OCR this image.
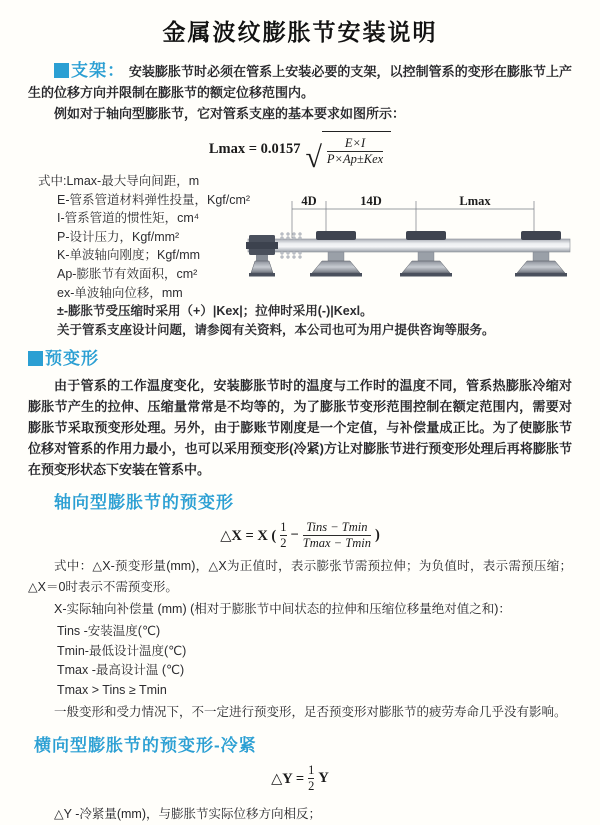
金属波纹膨胀节安装说明

支架： 安装膨胀节时必须在管系上安装必要的支架，以控制管系的变形在膨胀节上产生的位移方向并限制在膨胀节的额定位移范围内。

例如对于轴向型膨胀节，它对管系支座的基本要求如图所示：

Lmax = 0.0157 √ $\frac{E\times I}{\text{P×Ap±Kex}}$
式中:Lmax-最大导向间距，m
E-管系管道材料弹性投量，Kgf/cm²
I-管系管道的惯性矩，cm⁴
P-设计压力，Kgf/mm²
K-单波轴向刚度；Kgf/mm
Ap-膨胀节有效面积，cm²
ex-单波轴向位移，mm
±-膨胀节受压缩时采用（+）|Kex|；拉伸时采用(-)|Kexl。
关于管系支座设计问题，请参阅有关资料，本公司也可为用户提供咨询等服务。
预变形

由于管系的工作温度变化，安装膨胀节时的温度与工作时的温度不同，管系热膨胀冷缩对膨胀节产生的拉伸、压缩量常常是不均等的，为了膨胀节变形范围控制在额定范围内，需要对膨胀节采取预变形处理。另外，由于膨账节刚度是一个定值，与补偿量成正比。为了使膨胀节位移对管系的作用力最小，也可以采用预变形(冷紧)方让对膨胀节进行预变形处理后再将膨胀节在预变形状态下安装在管系中。

轴向型膨胀节的预变形
△X = X ( $\frac{1}{2} - \frac{\text{Tins − Tmin}}{Tmax - Tmin}$ )

式中：△X-预变形量(mm)，△X为正值时，表示膨张节需预拉伸；为负值时，表示需预压缩；△X＝0时表示不需预变形。

X-实际轴向补偿量 (mm) (相对于膨胀节中间状态的拉伸和压缩位移量绝对值之和)：

Tins -安装温度(℃)
Tmin-最低设计温度(℃)
Tmax -最高设计温 (℃)
Tmax > Tins ≥ Tmin

一般变形和受力情况下，不一定进行预变形，足否预变形对膨胀节的疲劳寿命几乎没有影响。

横向型膨胀节的预变形-冷紧
△Y = $\frac{1}{2}$ Y

△Y -冷紧量(mm)，与膨胀节实际位移方向相反；

4D	14D	Lmax
